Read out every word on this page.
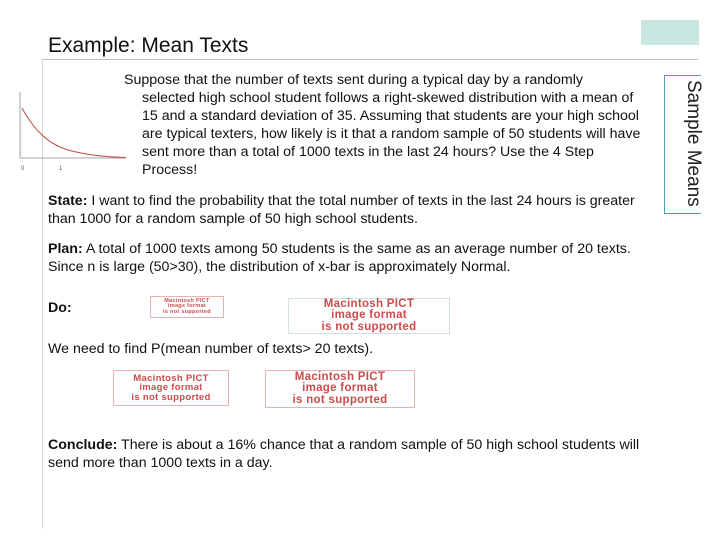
Example: Mean Texts
Sample Means
0	1
Suppose that the number of texts sent during a typical day by a randomly
selected high school student follows a right-skewed distribution with a mean of 15 and a standard deviation of 35. Assuming that students are your high school are typical texters, how likely is it that a random sample of 50 students will have sent more than a total of 1000 texts in the last 24 hours? Use the 4 Step Process!
State: I want to find the probability that the total number of texts in the last 24 hours is greater than 1000 for a random sample of 50 high school students.
Plan: A total of 1000 texts among 50 students is the same as an average number of 20 texts. Since n is large (50>30), the distribution of x-bar is approximately Normal.
Do:	Macintosh PICT
image format
is not supported
Macintosh PICT
image format
is not supported
We need to find P(mean number of texts> 20 texts).
Macintosh PICT
image format
is not supported
Macintosh PICT
image format
is not supported
Conclude: There is about a 16% chance that a random sample of 50 high school students will send more than 1000 texts in a day.
